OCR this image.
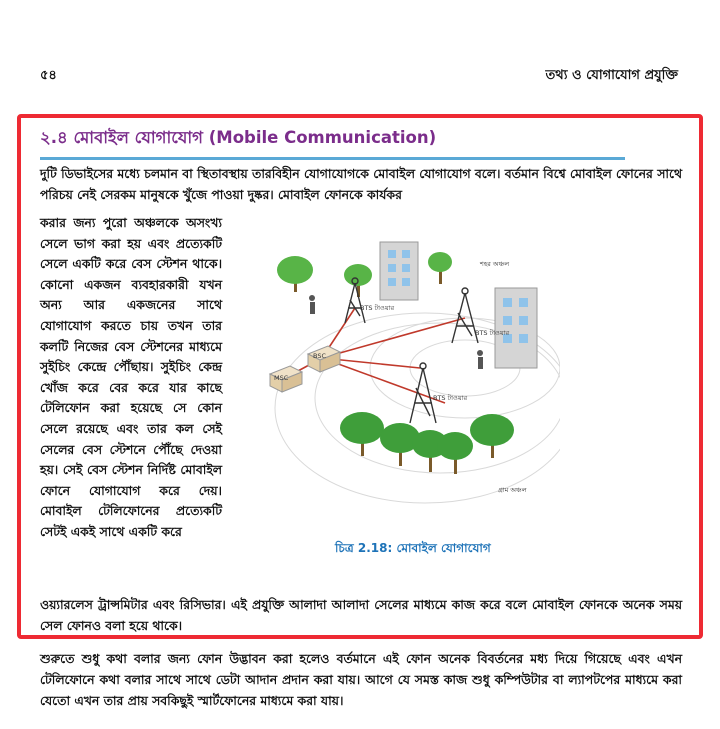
৫৪	তথ্য ও যোগাযোগ প্রযুক্তি
২.৪ মোবাইল যোগাযোগ (Mobile Communication)
দুটি ডিভাইসের মধ্যে চলমান বা স্থিতাবস্থায় তারবিহীন যোগাযোগকে মোবাইল যোগাযোগ বলে। বর্তমান বিশ্বে মোবাইল ফোনের সাথে পরিচয় নেই সেরকম মানুষকে খুঁজে পাওয়া দুষ্কর। মোবাইল ফোনকে কার্যকর
করার জন্য পুরো অঞ্চলকে অসংখ্য সেলে ভাগ করা হয় এবং প্রত্যেকটি সেলে একটি করে বেস স্টেশন থাকে। কোনো একজন ব্যবহারকারী যখন অন্য আর একজনের সাথে যোগাযোগ করতে চায় তখন তার কলটি নিজের বেস স্টেশনের মাধ্যমে সুইচিং কেন্দ্রে পৌঁছায়। সুইচিং কেন্দ্র খোঁজ করে বের করে যার কাছে টেলিফোন করা হয়েছে সে কোন সেলে রয়েছে এবং তার কল সেই সেলের বেস স্টেশনে পৌঁছে দেওয়া হয়। সেই বেস স্টেশন নির্দিষ্ট মোবাইল ফোনে যোগাযোগ করে দেয়। মোবাইল টেলিফোনের প্রত্যেকটি সেটই একই সাথে একটি করে
শহর অঞ্চল
BTS টাওয়ার
BTS টাওয়ার
BTS টাওয়ার
BSC
MSC
গ্রাম অঞ্চল
চিত্র 2.18: মোবাইল যোগাযোগ
ওয়্যারলেস ট্রান্সমিটার এবং রিসিভার। এই প্রযুক্তি আলাদা আলাদা সেলের মাধ্যমে কাজ করে বলে মোবাইল ফোনকে অনেক সময় সেল ফোনও বলা হয়ে থাকে।
শুরুতে শুধু কথা বলার জন্য ফোন উদ্ভাবন করা হলেও বর্তমানে এই ফোন অনেক বিবর্তনের মধ্য দিয়ে গিয়েছে এবং এখন টেলিফোনে কথা বলার সাথে সাথে ডেটা আদান প্রদান করা যায়। আগে যে সমস্ত কাজ শুধু কম্পিউটার বা ল্যাপটপের মাধ্যমে করা যেতো এখন তার প্রায় সবকিছুই স্মার্টফোনের মাধ্যমে করা যায়।
